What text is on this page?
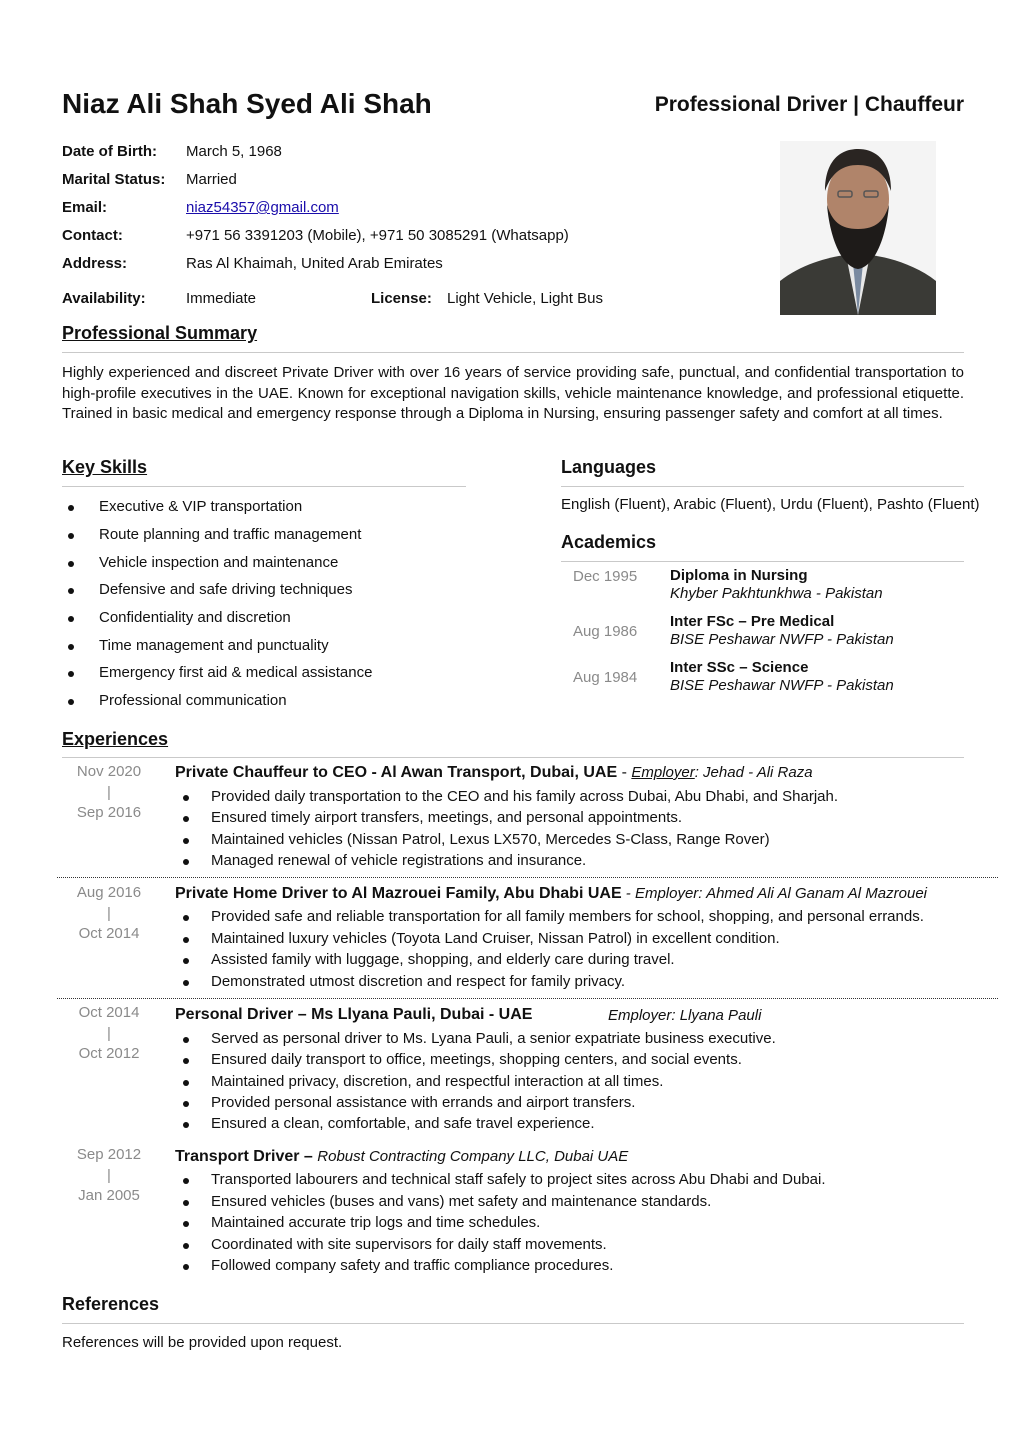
Niaz Ali Shah Syed Ali Shah	Professional Driver | Chauffeur
Date of Birth: March 5, 1968
Marital Status: Married
Email:	niaz54357@gmail.com
Contact:	+971 56 3391203 (Mobile), +971 50 3085291 (Whatsapp)
Address:	Ras Al Khaimah, United Arab Emirates
Availability:	Immediate	License: Light Vehicle, Light Bus
Professional Summary
Highly experienced and discreet Private Driver with over 16 years of service providing safe, punctual, and confidential transportation to high-profile executives in the UAE. Known for exceptional navigation skills, vehicle maintenance knowledge, and professional etiquette. Trained in basic medical and emergency response through a Diploma in Nursing, ensuring passenger safety and comfort at all times.
Key Skills
Executive & VIP transportation
Route planning and traffic management
Vehicle inspection and maintenance
Defensive and safe driving techniques
Confidentiality and discretion
Time management and punctuality
Emergency first aid & medical assistance
Professional communication
Languages
English (Fluent), Arabic (Fluent), Urdu (Fluent), Pashto (Fluent)
Academics
Dec 1995 Diploma in Nursing
Khyber Pakhtunkhwa - Pakistan
Aug 1986
Inter FSc – Pre Medical
BISE Peshawar NWFP - Pakistan
Aug 1984
Inter SSc – Science
BISE Peshawar NWFP - Pakistan
Experiences
Nov 2020
|
Sep 2016
Private Chauffeur to CEO - Al Awan Transport, Dubai, UAE - Employer: Jehad - Ali Raza
Provided daily transportation to the CEO and his family across Dubai, Abu Dhabi, and Sharjah.
Ensured timely airport transfers, meetings, and personal appointments.
Maintained vehicles (Nissan Patrol, Lexus LX570, Mercedes S-Class, Range Rover)
Managed renewal of vehicle registrations and insurance.
Aug 2016
|
Oct 2014
Private Home Driver to Al Mazrouei Family, Abu Dhabi UAE - Employer: Ahmed Ali Al Ganam Al Mazrouei
Provided safe and reliable transportation for all family members for school, shopping, and personal errands.
Maintained luxury vehicles (Toyota Land Cruiser, Nissan Patrol) in excellent condition.
Assisted family with luggage, shopping, and elderly care during travel.
Demonstrated utmost discretion and respect for family privacy.
Oct 2014
|
Oct 2012
Personal Driver – Ms Llyana Pauli, Dubai - UAE	Employer: Llyana Pauli
Served as personal driver to Ms. Lyana Pauli, a senior expatriate business executive.
Ensured daily transport to office, meetings, shopping centers, and social events.
Maintained privacy, discretion, and respectful interaction at all times.
Provided personal assistance with errands and airport transfers.
Ensured a clean, comfortable, and safe travel experience.
Sep 2012
|
Jan 2005
Transport Driver – Robust Contracting Company LLC, Dubai UAE
Transported labourers and technical staff safely to project sites across Abu Dhabi and Dubai.
Ensured vehicles (buses and vans) met safety and maintenance standards.
Maintained accurate trip logs and time schedules.
Coordinated with site supervisors for daily staff movements.
Followed company safety and traffic compliance procedures.
References
References will be provided upon request.
